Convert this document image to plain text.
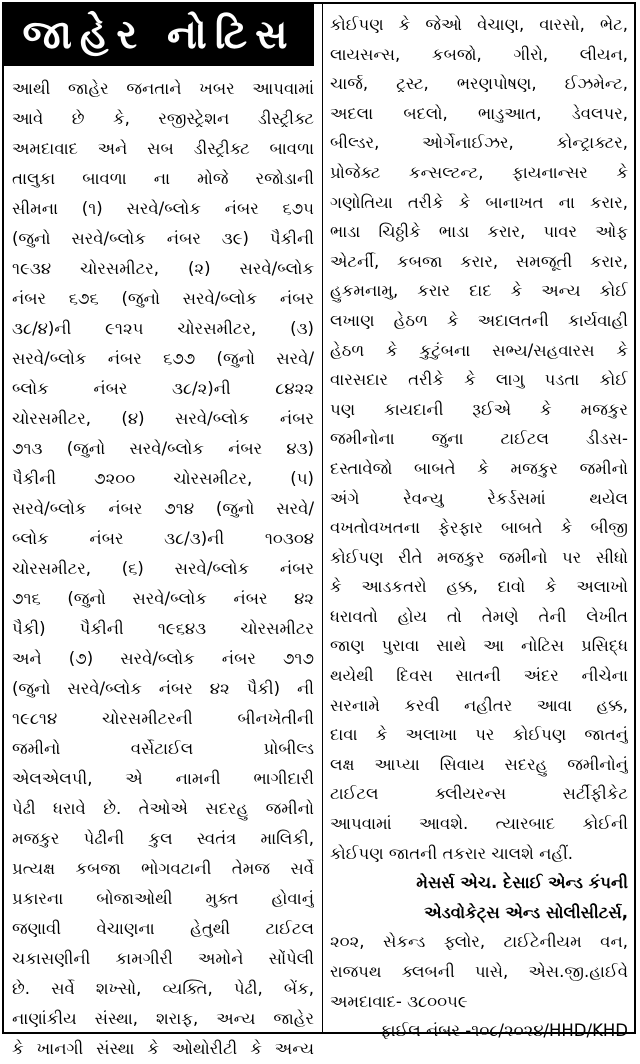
જાહેર નોટિસ
આથી જાહેર જનતાને ખબર આપવામાં
આવે છે કે, રજીસ્ટ્રેશન ડીસ્ટ્રીક્ટ
અમદાવાદ અને સબ ડીસ્ટ્રીક્ટ બાવળા
તાલુકા બાવળા ના મોજે રજોડાની
સીમના (૧) સરવે/બ્લોક નંબર ૬૭૫
(જુનો સરવે/બ્લોક નંબર ૩૯) પૈકીની
૧૯૩૪ ચોરસમીટર, (૨) સરવે/બ્લોક
નંબર ૬૭૬ (જુનો સરવે/બ્લોક નંબર
૩૮/૪)ની ૯૧૨૫ ચોરસમીટર, (૩)
સરવે/બ્લોક નંબર ૬૭૭ (જુનો સરવે/
બ્લોક નંબર ૩૮/૨)ની ૮૪૨૨
ચોરસમીટર, (૪) સરવે/બ્લોક નંબર
૭૧૩ (જુનો સરવે/બ્લોક નંબર ૪૩)
પૈકીની ૭૨૦૦ ચોરસમીટર, (૫)
સરવે/બ્લોક નંબર ૭૧૪ (જુનો સરવે/
બ્લોક નંબર ૩૮/૩)ની ૧૦૩૦૪
ચોરસમીટર, (૬) સરવે/બ્લોક નંબર
૭૧૬ (જુનો સરવે/બ્લોક નંબર ૪૨
પૈકી) પૈકીની ૧૯૬૪૩ ચોરસમીટર
અને (૭) સરવે/બ્લોક નંબર ૭૧૭
(જુનો સરવે/બ્લોક નંબર ૪૨ પૈકી) ની
૧૯૮૧૪ ચોરસમીટરની બીનખેતીની
જમીનો વર્સેટાઈલ પ્રોબીલ્ડ
એલએલપી, એ નામની ભાગીદારી
પેઢી ધરાવે છે. તેઓએ સદરહુ જમીનો
મજકુર પેઢીની કુલ સ્વતંત્ર માલિકી,
પ્રત્યક્ષ કબજા ભોગવટાની તેમજ સર્વે
પ્રકારના બોજાઓથી મુક્ત હોવાનું
જણાવી વેચાણના હેતુથી ટાઈટલ
ચકાસણીની કામગીરી અમોને સોંપેલી
છે. સર્વે શખ્સો, વ્યક્તિ, પેઢી, બેંક,
નાણાંકીય સંસ્થા, શરાફ, અન્ય જાહેર
કે ખાનગી સંસ્થા કે ઓથોરીટી કે અન્ય
કોઈપણ કે જેઓ વેચાણ, વારસો, ભેટ,
લાયસન્સ, કબજો, ગીરો, લીયન,
ચાર્જ, ટ્રસ્ટ, ભરણપોષણ, ઈઝમેન્ટ,
અદલા બદલો, ભાડુઆત, ડેવલપર,
બીલ્ડર, ઓર્ગેનાઈઝર, કોન્ટ્રાક્ટર,
પ્રોજેક્ટ કન્સલ્ટન્ટ, ફાયનાન્સર કે
ગણોતિયા તરીકે કે બાનાખત ના કરાર,
ભાડા ચિઠ્ઠીકે ભાડા કરાર, પાવર ઓફ
એટર્ની, કબજા કરાર, સમજૂતી કરાર,
હુકમનામુ, કરાર દાદ કે અન્ય કોઈ
લખાણ હેઠળ કે અદાલતની કાર્યવાહી
હેઠળ કે કુટુંબના સભ્ય/સહવારસ કે
વારસદાર તરીકે કે લાગુ પડતા કોઈ
પણ કાયદાની રૂઈએ કે મજકુર
જમીનોના જુના ટાઈટલ ડીડસ-
દસ્તાવેજો બાબતે કે મજકુર જમીનો
અંગે રેવન્યુ રેકર્ડસમાં થયેલ
વખતોવખતના ફેરફાર બાબતે કે બીજી
કોઈપણ રીતે મજકુર જમીનો પર સીધો
કે આડકતરો હક્ક, દાવો કે અલાખો
ધરાવતો હોય તો તેમણે તેની લેખીત
જાણ પુરાવા સાથે આ નોટિસ પ્રસિદ્ધ
થયેથી દિવસ સાતની અંદર નીચેના
સરનામે કરવી નહીતર આવા હક્ક,
દાવા કે અલાખા પર કોઈપણ જાતનું
લક્ષ આપ્યા સિવાય સદરહુ જમીનોનું
ટાઈટલ ક્લીયરન્સ સર્ટીફીકેટ
આપવામાં આવશે. ત્યારબાદ કોઈની
કોઈપણ જાતની તકરાર ચાલશે નહીં.
મેસર્સ એચ. દેસાઈ એન્ડ કંપની
એડવોકેટ્સ એન્ડ સોલીસીટર્સ,
૨૦૨, સેકન્ડ ફ્લોર, ટાઈટેનીયમ વન,
રાજપથ ક્લબની પાસે, એસ.જી.હાઈવે
અમદાવાદ- ૩૮૦૦૫૯
ફાઈલ નંબર -૧૦૮/૨૦૨૪/HHD/KHD
